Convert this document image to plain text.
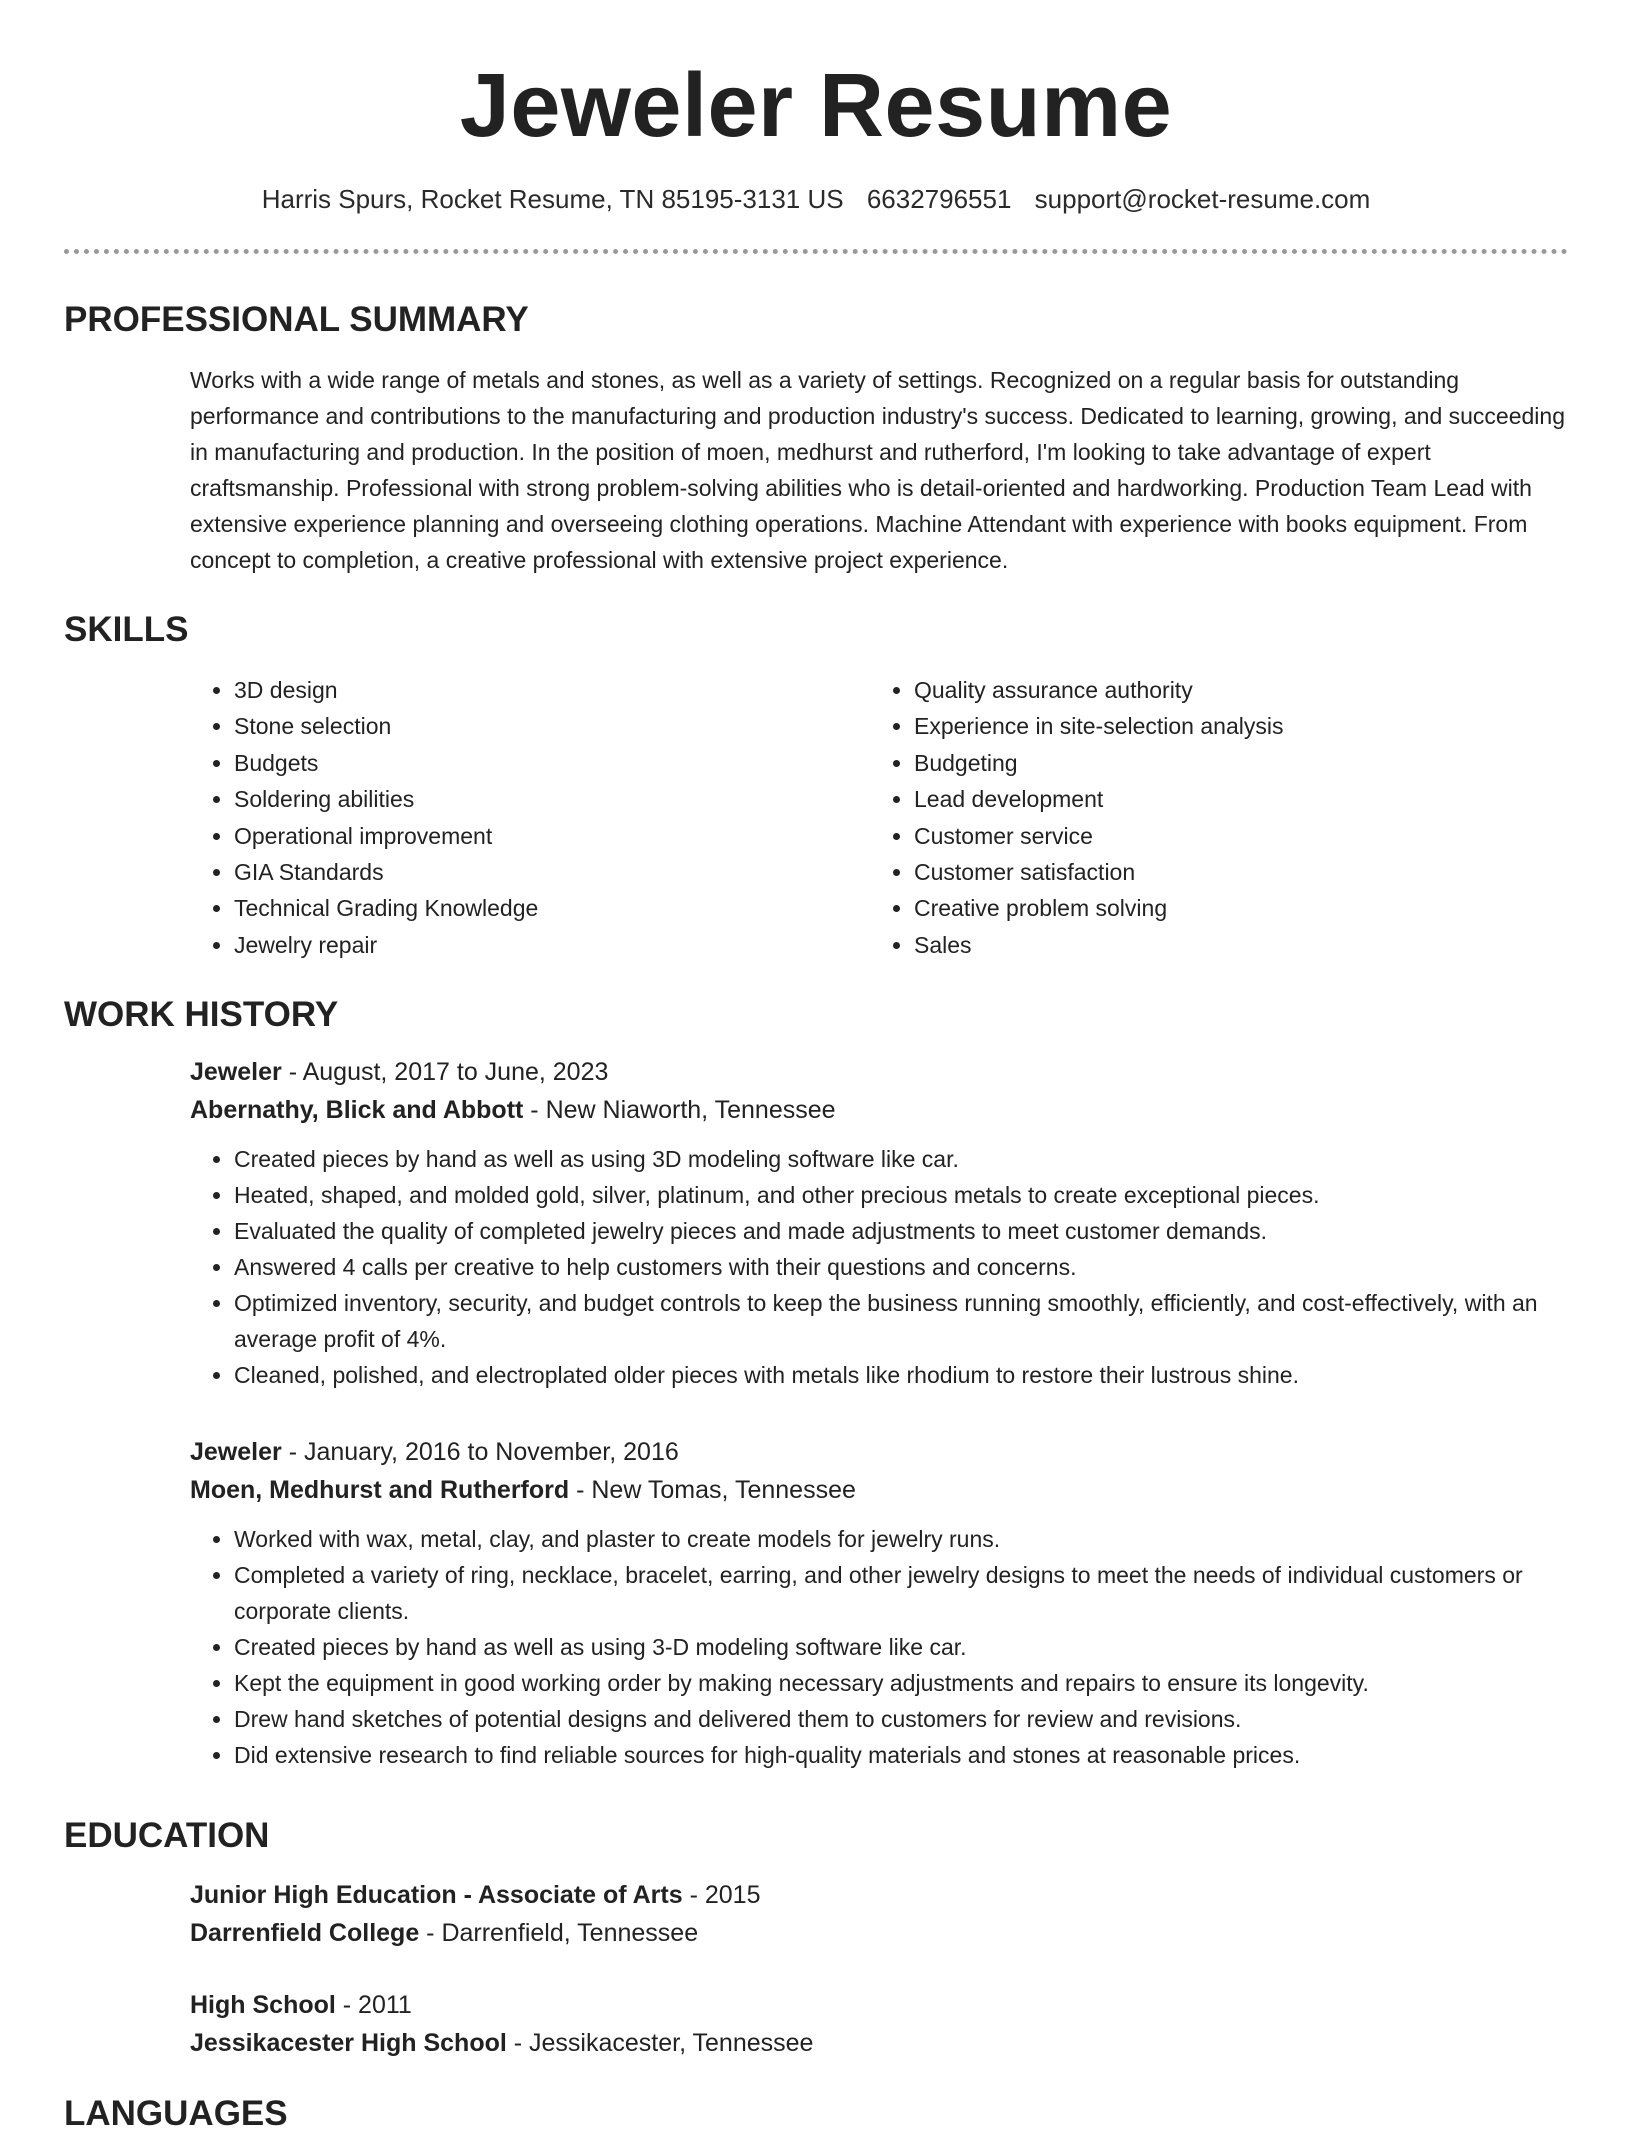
Jeweler Resume
Harris Spurs, Rocket Resume, TN 85195-3131 US 6632796551 support@rocket-resume.com
PROFESSIONAL SUMMARY
Works with a wide range of metals and stones, as well as a variety of settings. Recognized on a regular basis for outstanding performance and contributions to the manufacturing and production industry's success. Dedicated to learning, growing, and succeeding in manufacturing and production. In the position of moen, medhurst and rutherford, I'm looking to take advantage of expert craftsmanship. Professional with strong problem-solving abilities who is detail-oriented and hardworking. Production Team Lead with extensive experience planning and overseeing clothing operations. Machine Attendant with experience with books equipment. From concept to completion, a creative professional with extensive project experience.
SKILLS
• 3D design
• Stone selection
• Budgets
• Soldering abilities
• Operational improvement
• GIA Standards
• Technical Grading Knowledge
• Jewelry repair
• Quality assurance authority
• Experience in site-selection analysis
• Budgeting
• Lead development
• Customer service
• Customer satisfaction
• Creative problem solving
• Sales
WORK HISTORY
Jeweler - August, 2017 to June, 2023
Abernathy, Blick and Abbott - New Niaworth, Tennessee
• Created pieces by hand as well as using 3D modeling software like car.
• Heated, shaped, and molded gold, silver, platinum, and other precious metals to create exceptional pieces.
• Evaluated the quality of completed jewelry pieces and made adjustments to meet customer demands.
• Answered 4 calls per creative to help customers with their questions and concerns.
• Optimized inventory, security, and budget controls to keep the business running smoothly, efficiently, and cost-effectively, with an average profit of 4%.
• Cleaned, polished, and electroplated older pieces with metals like rhodium to restore their lustrous shine.
Jeweler - January, 2016 to November, 2016
Moen, Medhurst and Rutherford - New Tomas, Tennessee
• Worked with wax, metal, clay, and plaster to create models for jewelry runs.
• Completed a variety of ring, necklace, bracelet, earring, and other jewelry designs to meet the needs of individual customers or corporate clients.
• Created pieces by hand as well as using 3-D modeling software like car.
• Kept the equipment in good working order by making necessary adjustments and repairs to ensure its longevity.
• Drew hand sketches of potential designs and delivered them to customers for review and revisions.
• Did extensive research to find reliable sources for high-quality materials and stones at reasonable prices.
EDUCATION
Junior High Education - Associate of Arts - 2015
Darrenfield College - Darrenfield, Tennessee
High School - 2011
Jessikacester High School - Jessikacester, Tennessee
LANGUAGES
